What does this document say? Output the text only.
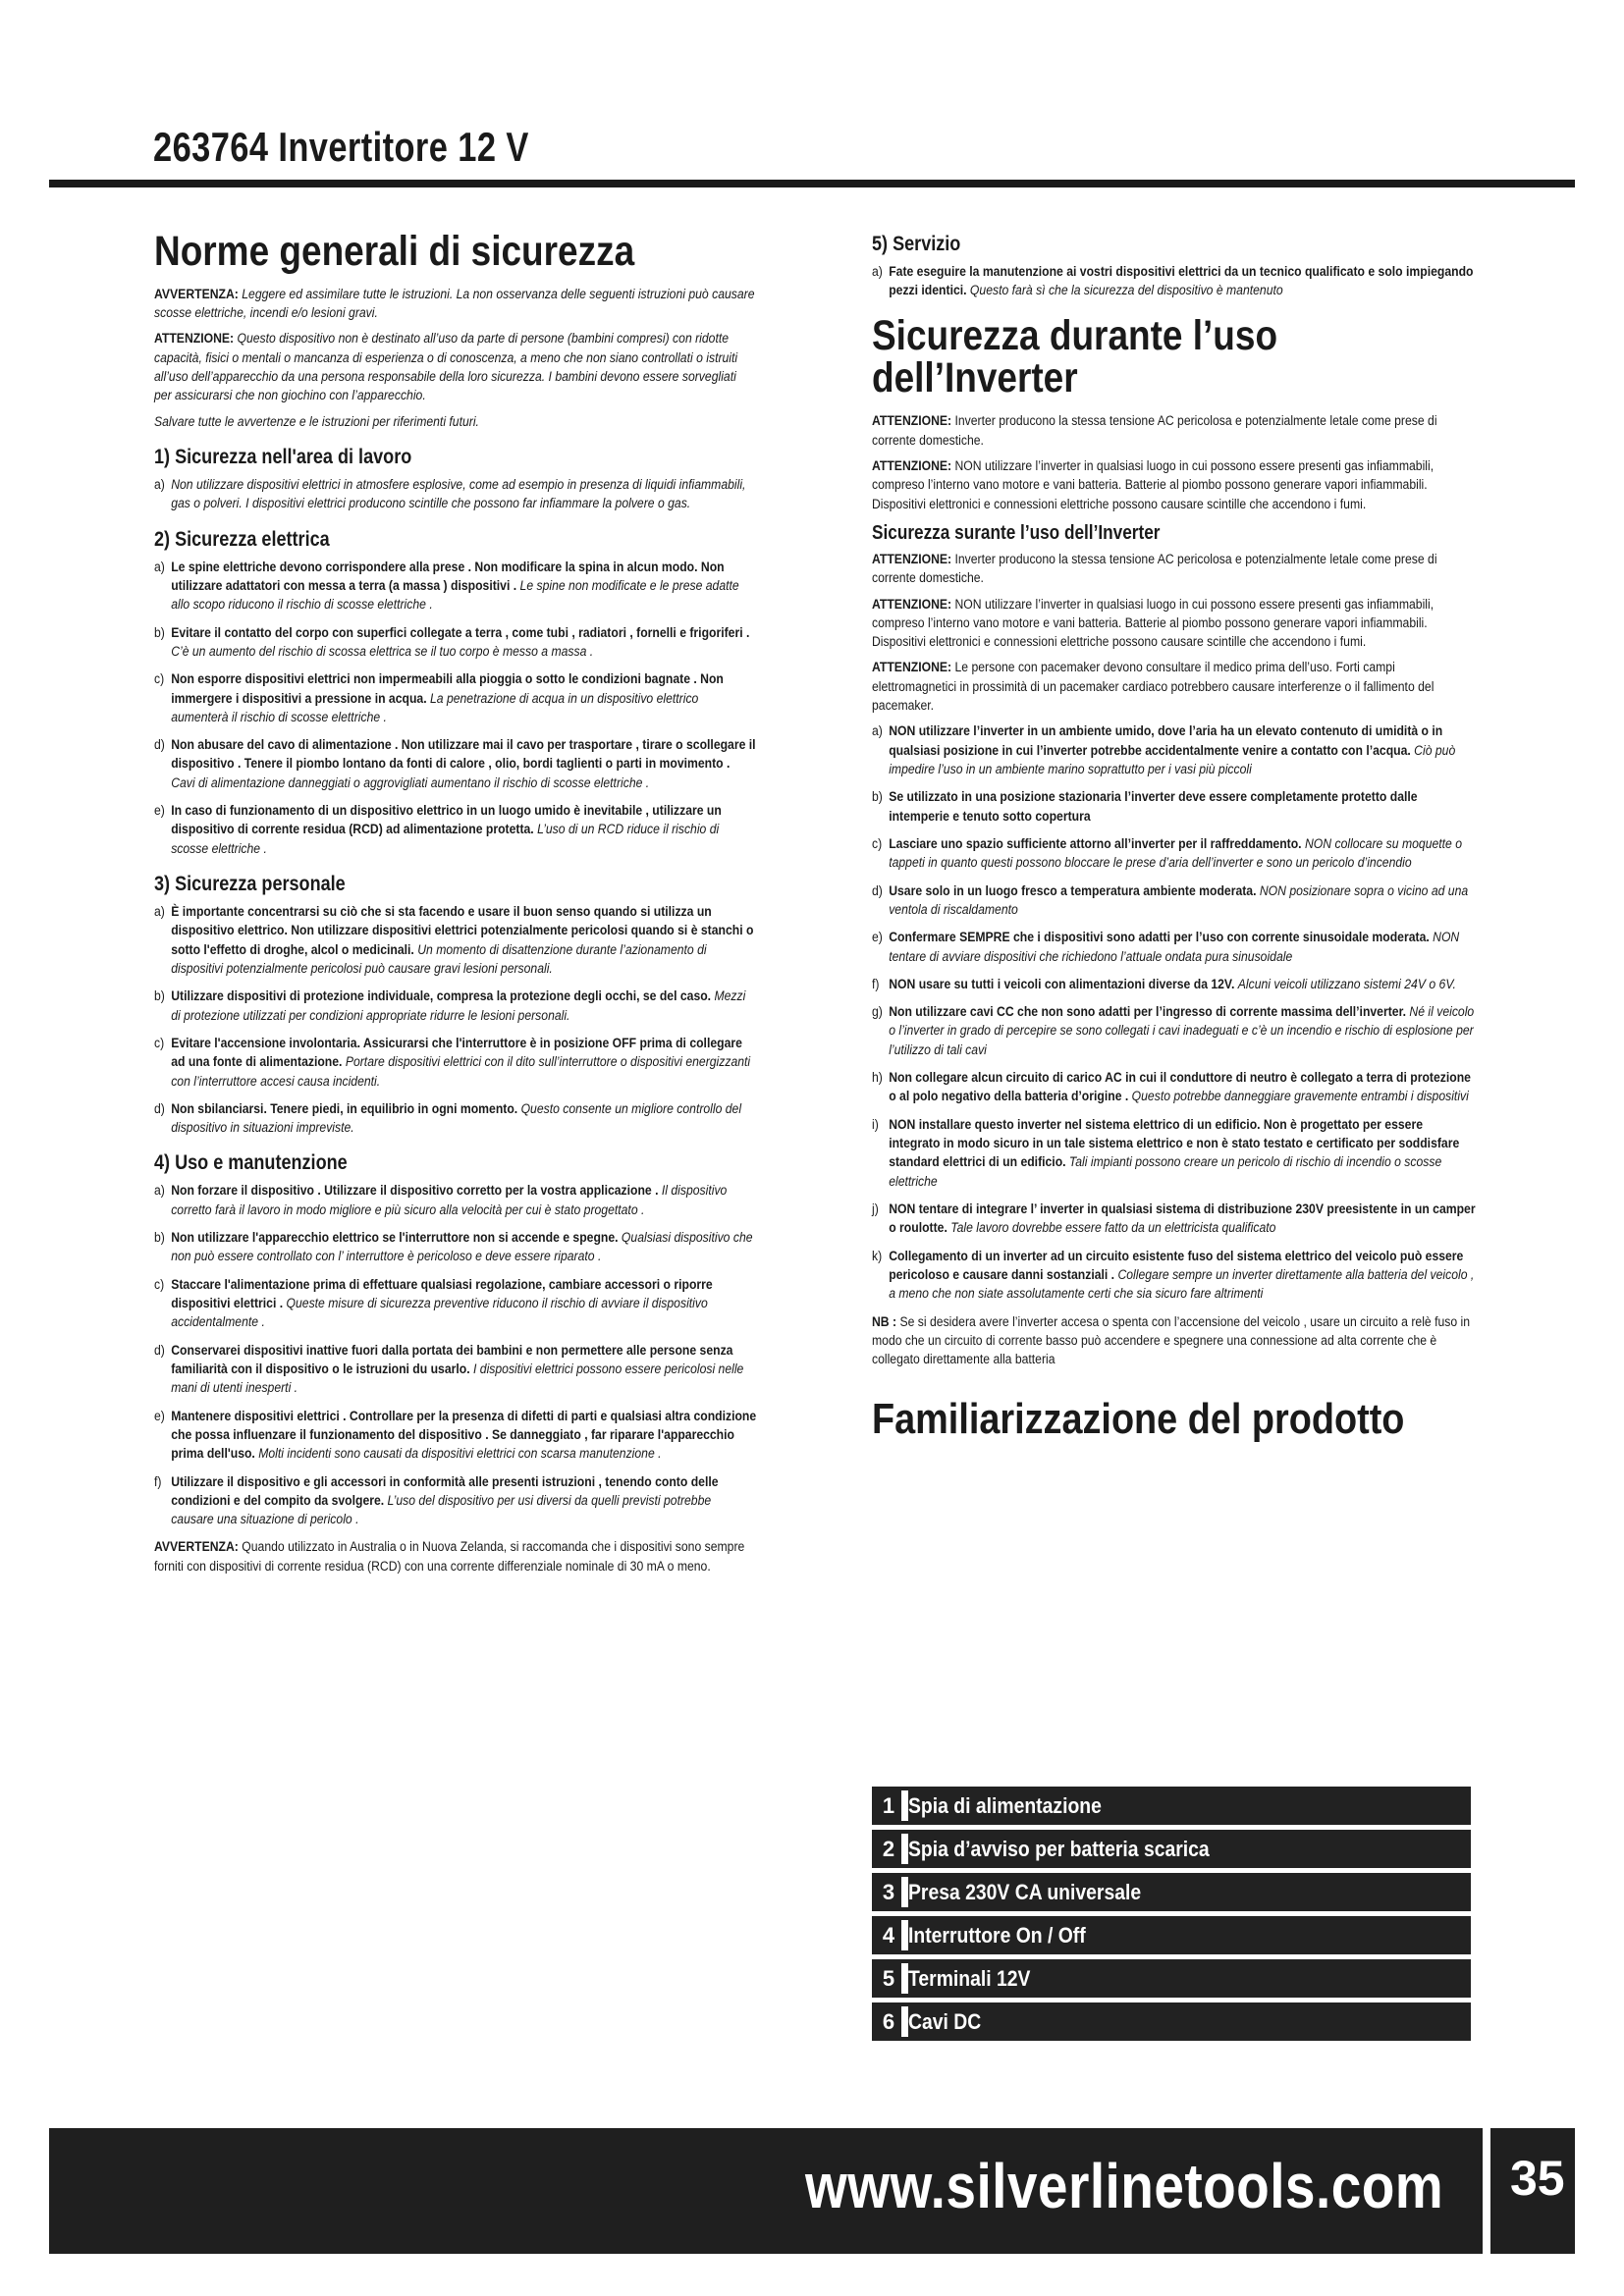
263764 Invertitore 12 V
Norme generali di sicurezza

AVVERTENZA: Leggere ed assimilare tutte le istruzioni. La non osservanza delle seguenti istruzioni può causare scosse elettriche, incendi e/o lesioni gravi.

ATTENZIONE: Questo dispositivo non è destinato all’uso da parte di persone (bambini compresi) con ridotte capacità, fisici o mentali o mancanza di esperienza o di conoscenza, a meno che non siano controllati o istruiti all’uso dell’apparecchio da una persona responsabile della loro sicurezza. I bambini devono essere sorvegliati per assicurarsi che non giochino con l’apparecchio.

Salvare tutte le avvertenze e le istruzioni per riferimenti futuri.

1) Sicurezza nell'area di lavoro
a) Non utilizzare dispositivi elettrici in atmosfere esplosive, come ad esempio in presenza di liquidi infiammabili, gas o polveri. I dispositivi elettrici producono scintille che possono far infiammare la polvere o gas.
2) Sicurezza elettrica
a) Le spine elettriche devono corrispondere alla prese . Non modificare la spina in alcun modo. Non utilizzare adattatori con messa a terra (a massa ) dispositivi . Le spine non modificate e le prese adatte allo scopo riducono il rischio di scosse elettriche .
b) Evitare il contatto del corpo con superfici collegate a terra , come tubi , radiatori , fornelli e frigoriferi . C’è un aumento del rischio di scossa elettrica se il tuo corpo è messo a massa .
c) Non esporre dispositivi elettrici non impermeabili alla pioggia o sotto le condizioni bagnate . Non immergere i dispositivi a pressione in acqua. La penetrazione di acqua in un dispositivo elettrico aumenterà il rischio di scosse elettriche .
d) Non abusare del cavo di alimentazione . Non utilizzare mai il cavo per trasportare , tirare o scollegare il dispositivo . Tenere il piombo lontano da fonti di calore , olio, bordi taglienti o parti in movimento . Cavi di alimentazione danneggiati o aggrovigliati aumentano il rischio di scosse elettriche .
e) In caso di funzionamento di un dispositivo elettrico in un luogo umido è inevitabile , utilizzare un dispositivo di corrente residua (RCD) ad alimentazione protetta. L’uso di un RCD riduce il rischio di scosse elettriche .
3) Sicurezza personale
a) È importante concentrarsi su ciò che si sta facendo e usare il buon senso quando si utilizza un dispositivo elettrico. Non utilizzare dispositivi elettrici potenzialmente pericolosi quando si è stanchi o sotto l'effetto di droghe, alcol o medicinali. Un momento di disattenzione durante l’azionamento di dispositivi potenzialmente pericolosi può causare gravi lesioni personali.
b) Utilizzare dispositivi di protezione individuale, compresa la protezione degli occhi, se del caso. Mezzi di protezione utilizzati per condizioni appropriate ridurre le lesioni personali.
c) Evitare l'accensione involontaria. Assicurarsi che l'interruttore è in posizione OFF prima di collegare ad una fonte di alimentazione. Portare dispositivi elettrici con il dito sull’interruttore o dispositivi energizzanti con l’interruttore accesi causa incidenti.
d) Non sbilanciarsi. Tenere piedi, in equilibrio in ogni momento. Questo consente un migliore controllo del dispositivo in situazioni impreviste.
4) Uso e manutenzione
a) Non forzare il dispositivo . Utilizzare il dispositivo corretto per la vostra applicazione . Il dispositivo corretto farà il lavoro in modo migliore e più sicuro alla velocità per cui è stato progettato .
b) Non utilizzare l'apparecchio elettrico se l'interruttore non si accende e spegne. Qualsiasi dispositivo che non può essere controllato con l’ interruttore è pericoloso e deve essere riparato .
c) Staccare l'alimentazione prima di effettuare qualsiasi regolazione, cambiare accessori o riporre dispositivi elettrici . Queste misure di sicurezza preventive riducono il rischio di avviare il dispositivo accidentalmente .
d) Conservarei dispositivi inattive fuori dalla portata dei bambini e non permettere alle persone senza familiarità con il dispositivo o le istruzioni du usarlo. I dispositivi elettrici possono essere pericolosi nelle mani di utenti inesperti .
e) Mantenere dispositivi elettrici . Controllare per la presenza di difetti di parti e qualsiasi altra condizione che possa influenzare il funzionamento del dispositivo . Se danneggiato , far riparare l'apparecchio prima dell'uso. Molti incidenti sono causati da dispositivi elettrici con scarsa manutenzione .
f) Utilizzare il dispositivo e gli accessori in conformità alle presenti istruzioni , tenendo conto delle condizioni e del compito da svolgere. L’uso del dispositivo per usi diversi da quelli previsti potrebbe causare una situazione di pericolo .

AVVERTENZA: Quando utilizzato in Australia o in Nuova Zelanda, si raccomanda che i dispositivi sono sempre forniti con dispositivi di corrente residua (RCD) con una corrente differenziale nominale di 30 mA o meno.

5) Servizio
a) Fate eseguire la manutenzione ai vostri dispositivi elettrici da un tecnico qualificato e solo impiegando pezzi identici. Questo farà sì che la sicurezza del dispositivo è mantenuto
Sicurezza durante l’uso dell’Inverter

ATTENZIONE: Inverter producono la stessa tensione AC pericolosa e potenzialmente letale come prese di corrente domestiche.

ATTENZIONE: NON utilizzare l’inverter in qualsiasi luogo in cui possono essere presenti gas infiammabili, compreso l’interno vano motore e vani batteria. Batterie al piombo possono generare vapori infiammabili. Dispositivi elettronici e connessioni elettriche possono causare scintille che accendono i fumi.

Sicurezza surante l’uso dell’Inverter

ATTENZIONE: Inverter producono la stessa tensione AC pericolosa e potenzialmente letale come prese di corrente domestiche.

ATTENZIONE: NON utilizzare l’inverter in qualsiasi luogo in cui possono essere presenti gas infiammabili, compreso l’interno vano motore e vani batteria. Batterie al piombo possono generare vapori infiammabili. Dispositivi elettronici e connessioni elettriche possono causare scintille che accendono i fumi.

ATTENZIONE: Le persone con pacemaker devono consultare il medico prima dell’uso. Forti campi elettromagnetici in prossimità di un pacemaker cardiaco potrebbero causare interferenze o il fallimento del pacemaker.

a) NON utilizzare l’inverter in un ambiente umido, dove l’aria ha un elevato contenuto di umidità o in qualsiasi posizione in cui l’inverter potrebbe accidentalmente venire a contatto con l’acqua. Ciò può impedire l’uso in un ambiente marino soprattutto per i vasi più piccoli
b) Se utilizzato in una posizione stazionaria l’inverter deve essere completamente protetto dalle intemperie e tenuto sotto copertura
c) Lasciare uno spazio sufficiente attorno all’inverter per il raffreddamento. NON collocare su moquette o tappeti in quanto questi possono bloccare le prese d’aria dell’inverter e sono un pericolo d’incendio
d) Usare solo in un luogo fresco a temperatura ambiente moderata. NON posizionare sopra o vicino ad una ventola di riscaldamento
e) Confermare SEMPRE che i dispositivi sono adatti per l’uso con corrente sinusoidale moderata. NON tentare di avviare dispositivi che richiedono l’attuale ondata pura sinusoidale
f) NON usare su tutti i veicoli con alimentazioni diverse da 12V. Alcuni veicoli utilizzano sistemi 24V o 6V.
g) Non utilizzare cavi CC che non sono adatti per l’ingresso di corrente massima dell’inverter. Né il veicolo o l’inverter in grado di percepire se sono collegati i cavi inadeguati e c’è un incendio e rischio di esplosione per l’utilizzo di tali cavi
h) Non collegare alcun circuito di carico AC in cui il conduttore di neutro è collegato a terra di protezione o al polo negativo della batteria d’origine . Questo potrebbe danneggiare gravemente entrambi i dispositivi
i) NON installare questo inverter nel sistema elettrico di un edificio. Non è progettato per essere integrato in modo sicuro in un tale sistema elettrico e non è stato testato e certificato per soddisfare standard elettrici di un edificio. Tali impianti possono creare un pericolo di rischio di incendio o scosse elettriche
j) NON tentare di integrare l’ inverter in qualsiasi sistema di distribuzione 230V preesistente in un camper o roulotte. Tale lavoro dovrebbe essere fatto da un elettricista qualificato
k) Collegamento di un inverter ad un circuito esistente fuso del sistema elettrico del veicolo può essere pericoloso e causare danni sostanziali . Collegare sempre un inverter direttamente alla batteria del veicolo , a meno che non siate assolutamente certi che sia sicuro fare altrimenti

NB : Se si desidera avere l’inverter accesa o spenta con l’accensione del veicolo , usare un circuito a relè fuso in modo che un circuito di corrente basso può accendere e spegnere una connessione ad alta corrente che è collegato direttamente alla batteria

Familiarizzazione del prodotto
1 Spia di alimentazione
2 Spia d’avviso per batteria scarica
3 Presa 230V CA universale
4 Interruttore On / Off
5 Terminali 12V
6 Cavi DC
www.silverlinetools.com 35
